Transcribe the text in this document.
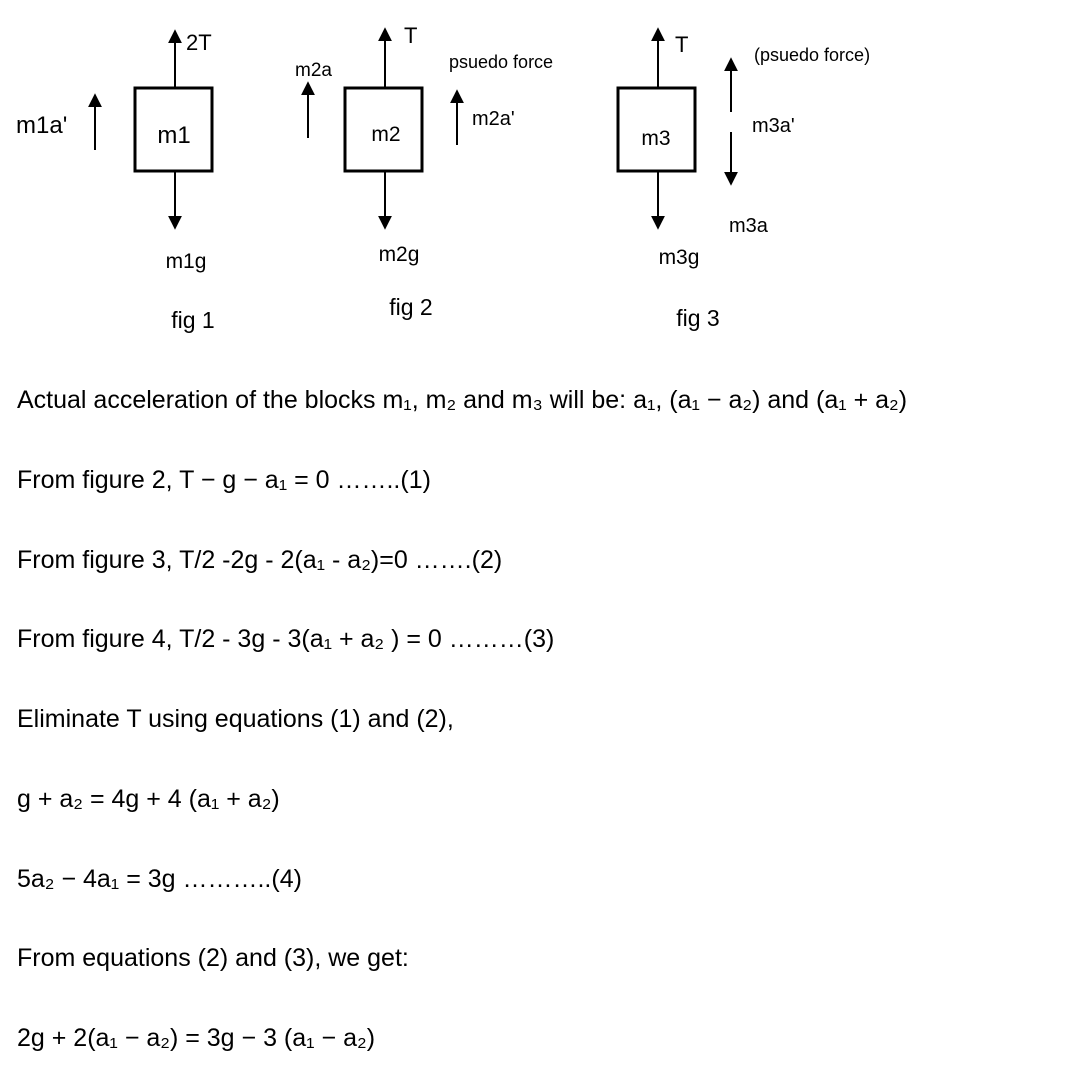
2T
m1
m1a'
m1g
fig 1
T
m2a
m2
psuedo force
m2a'
m2g
fig 2
T
m3
(psuedo force)
m3a'
m3a
m3g
fig 3

Actual acceleration of the blocks m₁, m₂ and m₃ will be: a₁, (a₁ − a₂) and (a₁ + a₂)

From figure 2, T − g − a₁ = 0 ……..(1)

From figure 3, T/2 -2g - 2(a₁ - a₂)=0 …….(2)

From figure 4, T/2 - 3g - 3(a₁ + a₂ ) = 0 ………(3)

Eliminate T using equations (1) and (2),

g + a₂ = 4g + 4 (a₁ + a₂)

5a₂ − 4a₁ = 3g ………..(4)

From equations (2) and (3), we get:

2g + 2(a₁ − a₂) = 3g − 3 (a₁ − a₂)
